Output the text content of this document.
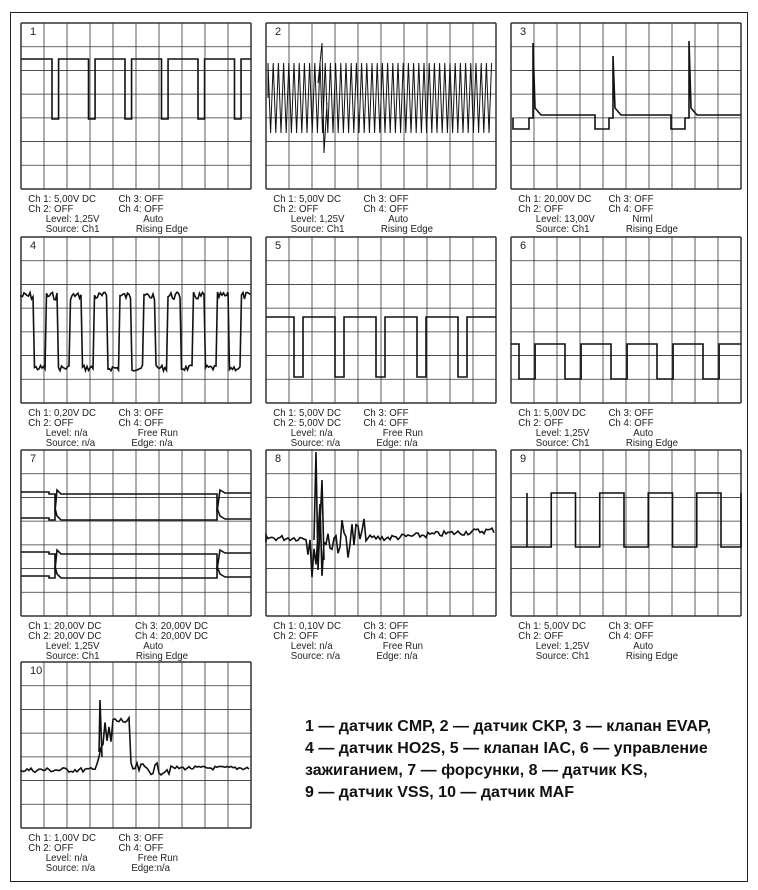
1
Ch 1: 5,00V DC Ch 3: OFF
Ch 2: OFF	Ch 4: OFF
Level: 1,25V	Auto
Source: Ch1	Rising Edge
2
Ch 1: 5,00V DC Ch 3: OFF
Ch 2: OFF	Ch 4: OFF
Level: 1,25V	Auto
Source: Ch1	Rising Edge
3
Ch 1: 20,00V DC Ch 3: OFF
Ch 2: OFF	Ch 4: OFF
Level: 13,00V	Nrml
Source: Ch1	Rising Edge
4
Ch 1: 0,20V DC Ch 3: OFF
Ch 2: OFF	Ch 4: OFF
Level: n/a	Free Run
Source: n/a	Edge: n/a
5
Ch 1: 5,00V DC Ch 3: OFF
Ch 2: 5,00V DC Ch 4: OFF
Level: n/a	Free Run
Source: n/a	Edge: n/a
6
Ch 1: 5,00V DC Ch 3: OFF
Ch 2: OFF	Ch 4: OFF
Level: 1,25V	Auto
Source: Ch1	Rising Edge
7
Ch 1: 20,00V DC	Ch 3: 20,00V DC
Ch 2: 20,00V DC	Ch 4: 20,00V DC
Level: 1,25V	Auto
Source: Ch1	Rising Edge
8
Ch 1: 0,10V DC Ch 3: OFF
Ch 2: OFF	Ch 4: OFF
Level: n/a	Free Run
Source: n/a	Edge: n/a
9
Ch 1: 5,00V DC Ch 3: OFF
Ch 2: OFF	Ch 4: OFF
Level: 1,25V	Auto
Source: Ch1	Rising Edge
10
Ch 1: 1,00V DC Ch 3: OFF
Ch 2: OFF	Ch 4: OFF
Level: n/a	Free Run
Source: n/a	Edge:n/a
1 — датчик CMP, 2 — датчик CKP, 3 — клапан EVAP,
4 — датчик HO2S, 5 — клапан IAC, 6 — управление
зажиганием, 7 — форсунки, 8 — датчик KS,
9 — датчик VSS, 10 — датчик MAF
